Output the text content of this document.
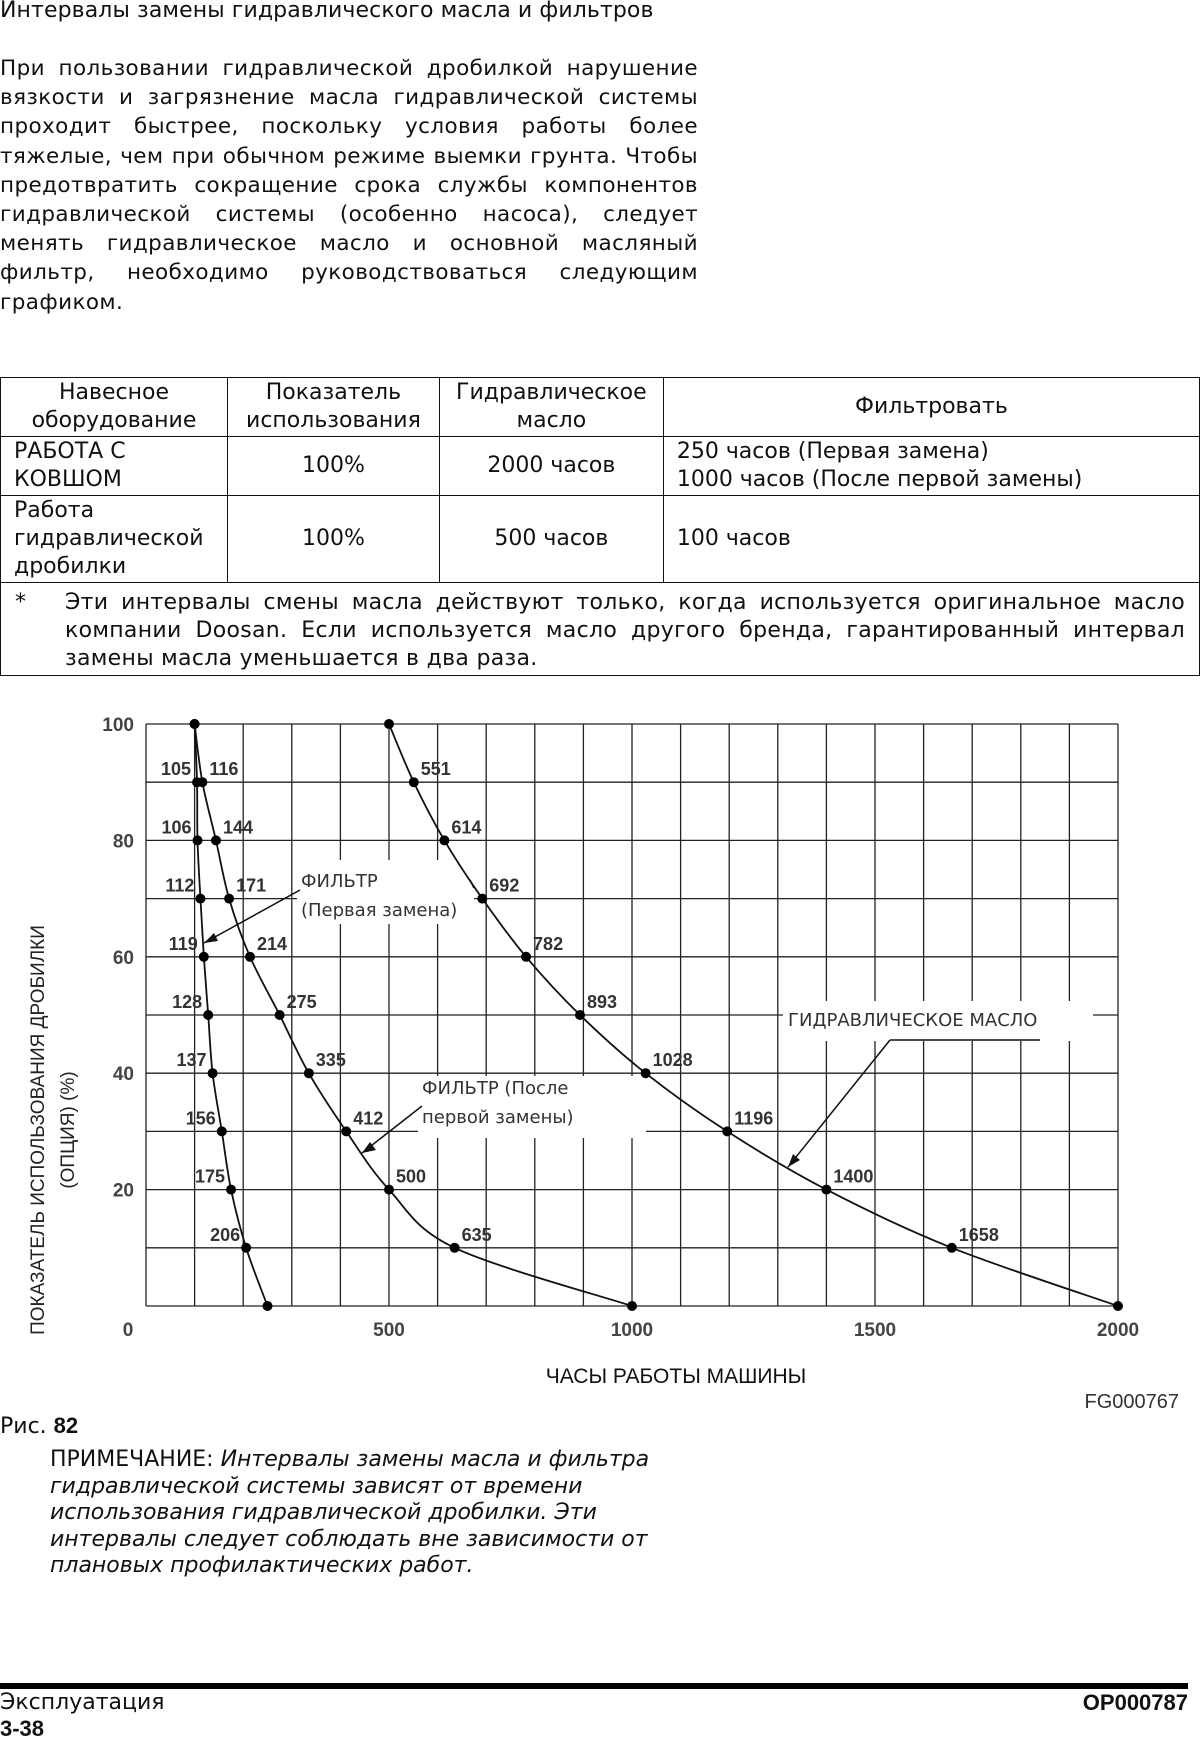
Интервалы замены гидравлического масла и фильтров

При пользовании гидравлической дробилкой нарушение вязкости и загрязнение масла гидравлической системы проходит быстрее, поскольку условия работы более тяжелые, чем при обычном режиме выемки грунта. Чтобы предотвратить сокращение срока службы компонентов гидравлической системы (особенно насоса), следует менять гидравлическое масло и основной масляный фильтр, необходимо руководствоваться следующим графиком.

Навесное оборудование	Показатель использования	Гидравлическое масло	Фильтровать
РАБОТА С КОВШОМ	100%	2000 часов	250 часов (Первая замена)
1000 часов (После первой замены)

Работа гидравлической дробилки	100%	500 часов	100 часов

* Эти интервалы смены масла действуют только, когда используется оригинальное масло компании Doosan. Если используется масло другого бренда, гарантированный интервал замены масла уменьшается в два раза.			
0	500	1000	1500	2000
100
80
60
40
20
ФИЛЬТР
(Первая замена)
ФИЛЬТР (После
первой замены)
ГИДРАВЛИЧЕСКОЕ МАСЛО
105
106
112
119
128
137
156
175
206
116
144
171
214
275
335
412
500
635
551
614
692
782
893
1028
1196
1400
1658
ПОКАЗАТЕЛЬ ИСПОЛЬЗОВАНИЯ ДРОБИЛКИ (ОПЦИЯ) (%)
ЧАСЫ РАБОТЫ МАШИНЫ
Рис. 82
FG000767
ПРИМЕЧАНИЕ: Интервалы замены масла и фильтра гидравлической системы зависят от времени использования гидравлической дробилки. Эти интервалы следует соблюдать вне зависимости от плановых профилактических работ.
Эксплуатация	OP000787
3-38
